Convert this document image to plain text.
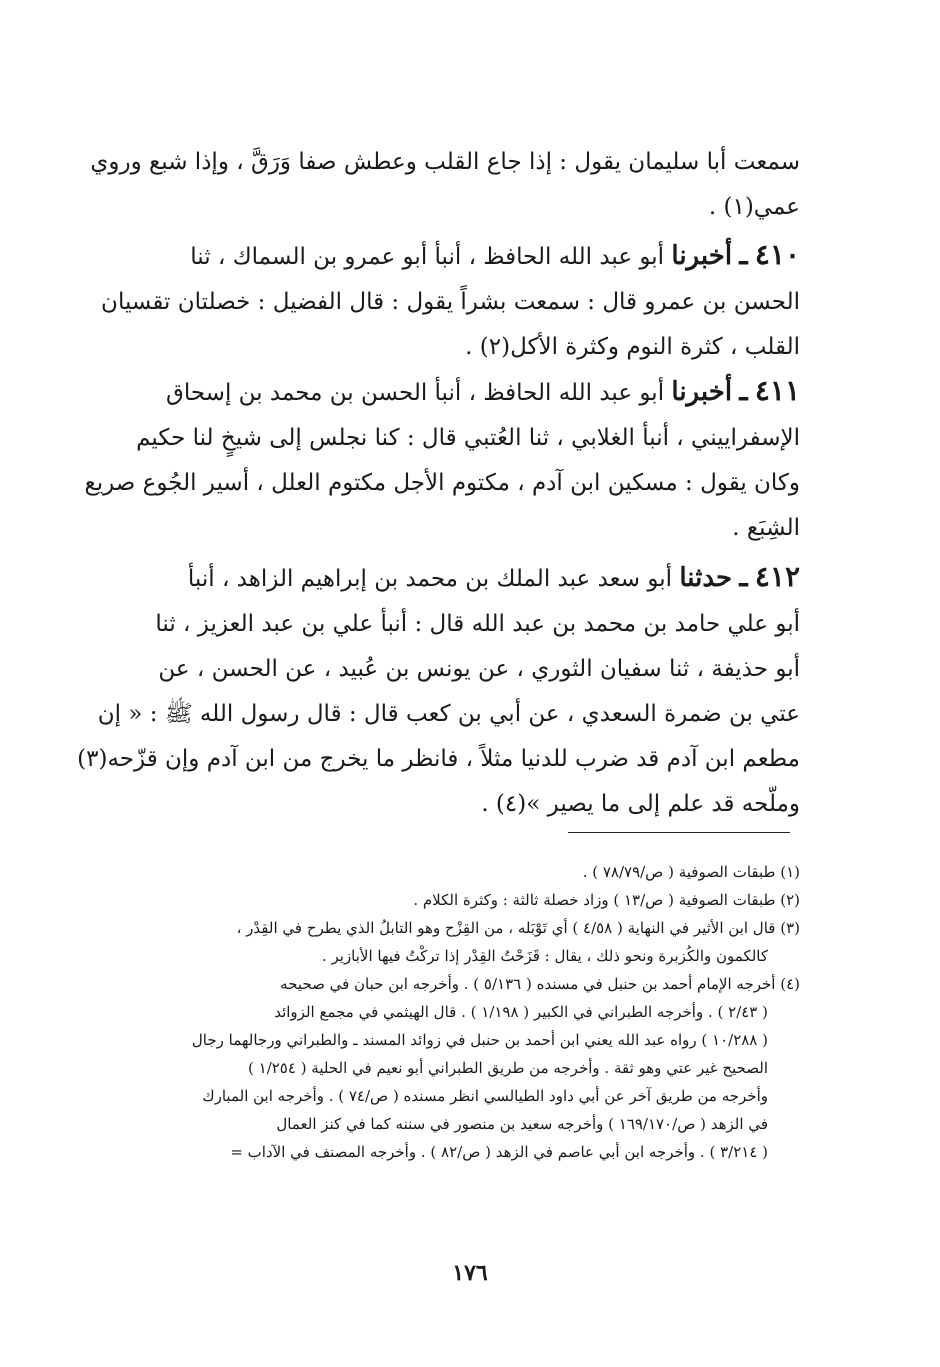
سمعت أبا سليمان يقول : إذا جاع القلب وعطش صفا وَرَقَّ ، وإذا شبع وروي
عمي(١) .
٤١٠ ـ أخبرنا أبو عبد الله الحافظ ، أنبأ أبو عمرو بن السماك ، ثنا
الحسن بن عمرو قال : سمعت بشراً يقول : قال الفضيل : خصلتان تقسيان
القلب ، كثرة النوم وكثرة الأكل(٢) .
٤١١ ـ أخبرنا أبو عبد الله الحافظ ، أنبأ الحسن بن محمد بن إسحاق
الإسفراييني ، أنبأ الغلابي ، ثنا العُتبي قال : كنا نجلس إلى شيخٍ لنا حكيم
وكان يقول : مسكين ابن آدم ، مكتوم الأجل مكتوم العلل ، أسير الجُوع صريع
الشِبَع .
٤١٢ ـ حدثنا أبو سعد عبد الملك بن محمد بن إبراهيم الزاهد ، أنبأ
أبو علي حامد بن محمد بن عبد الله قال : أنبأ علي بن عبد العزيز ، ثنا
أبو حذيفة ، ثنا سفيان الثوري ، عن يونس بن عُبيد ، عن الحسن ، عن
عتي بن ضمرة السعدي ، عن أبي بن كعب قال : قال رسول الله ﷺ : « إن
مطعم ابن آدم قد ضرب للدنيا مثلاً ، فانظر ما يخرج من ابن آدم وإن قزّحه(٣)
وملّحه قد علم إلى ما يصير »(٤) .
(١) طبقات الصوفية ( ص/٧٨/٧٩ ) .
(٢) طبقات الصوفية ( ص/١٣ ) وزاد خصلة ثالثة : وكثرة الكلام .
(٣) قال ابن الأثير في النهاية ( ٤/٥٨ ) أي تَوْبَله ، من القِزْح وهو التابلُ الذي يطرح في القِدْر ،
كالكمون والكُزبرة ونحو ذلك ، يقال : قَزَحْتُ القِدْر إذا تركْتُ فيها الأبازير .
(٤) أخرجه الإمام أحمد بن حنبل في مسنده ( ٥/١٣٦ ) . وأخرجه ابن حبان في صحيحه
( ٢/٤٣ ) . وأخرجه الطبراني في الكبير ( ١/١٩٨ ) . قال الهيثمي في مجمع الزوائد
( ١٠/٢٨٨ ) رواه عبد الله يعني ابن أحمد بن حنبل في زوائد المسند ـ والطبراني ورجالهما رجال
الصحيح غير عتي وهو ثقة . وأخرجه من طريق الطبراني أبو نعيم في الحلية ( ١/٢٥٤ )
وأخرجه من طريق آخر عن أبي داود الطيالسي انظر مسنده ( ص/٧٤ ) . وأخرجه ابن المبارك
في الزهد ( ص/١٦٩/١٧٠ ) وأخرجه سعيد بن منصور في سننه كما في كنز العمال
( ٣/٢١٤ ) . وأخرجه ابن أبي عاصم في الزهد ( ص/٨٢ ) . وأخرجه المصنف في الآداب =
١٧٦
